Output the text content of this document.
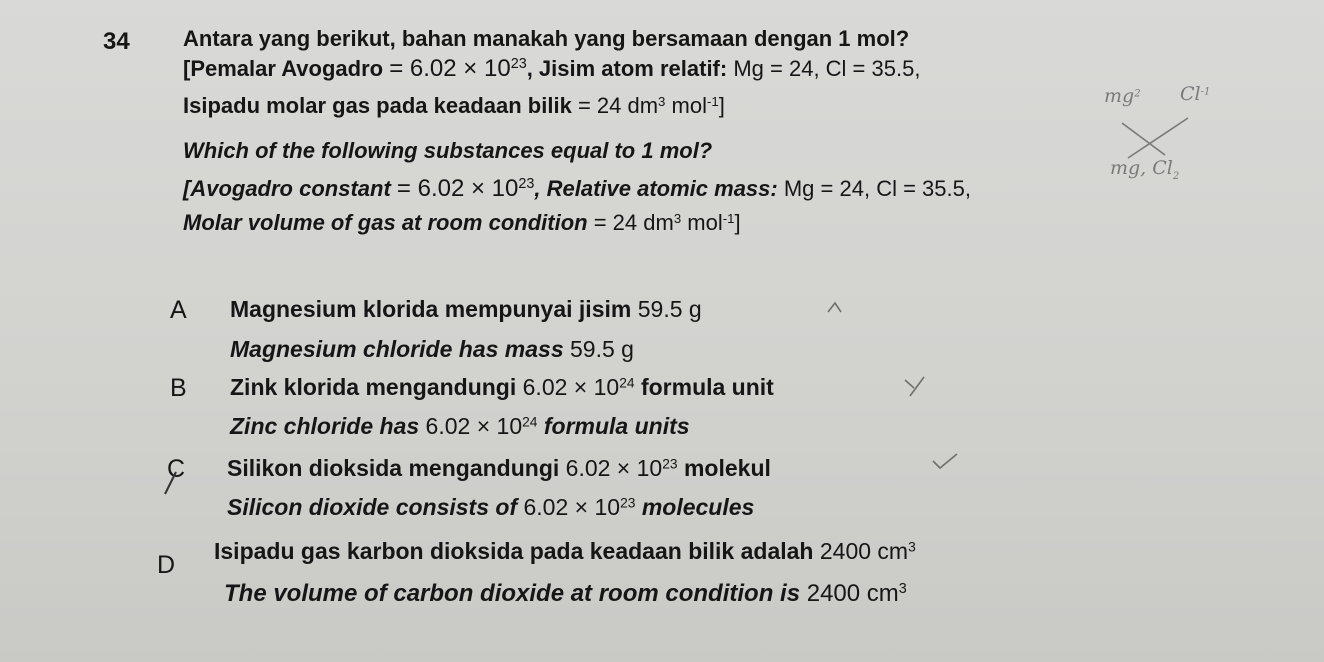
34 Antara yang berikut, bahan manakah yang bersamaan dengan 1 mol?
[Pemalar Avogadro = $6.02 \times 10^{23}$, Jisim atom relatif: Mg = 24, Cl = 35.5,
Isipadu molar gas pada keadaan bilik = 24 $dm^3$ mol$^{-1}$]
Which of the following substances equal to 1 mol?
[Avogadro constant = $6.02 \times 10^{23}$, Relative atomic mass: Mg = 24, Cl = 35.5,
Molar volume of gas at room condition = 24 $dm^3$ mol$^{-1}$]
A Magnesium klorida mempunyai jisim 59.5 g
Magnesium chloride has mass 59.5 g
B Zink klorida mengandungi $6.02 \times 10^{24}$ formula unit
Zinc chloride has $6.02 \times 10^{24}$ formula units
C Silikon dioksida mengandungi $6.02 \times 10^{23}$ molekul
Silicon dioxide consists of $6.02 \times 10^{23}$ molecules
D Isipadu gas karbon dioksida pada keadaan bilik adalah 2400 $cm^3$
The volume of carbon dioxide at room condition is 2400 $cm^3$
$mg^2$ $Cl^{-1}$
mg, $Cl_2$
